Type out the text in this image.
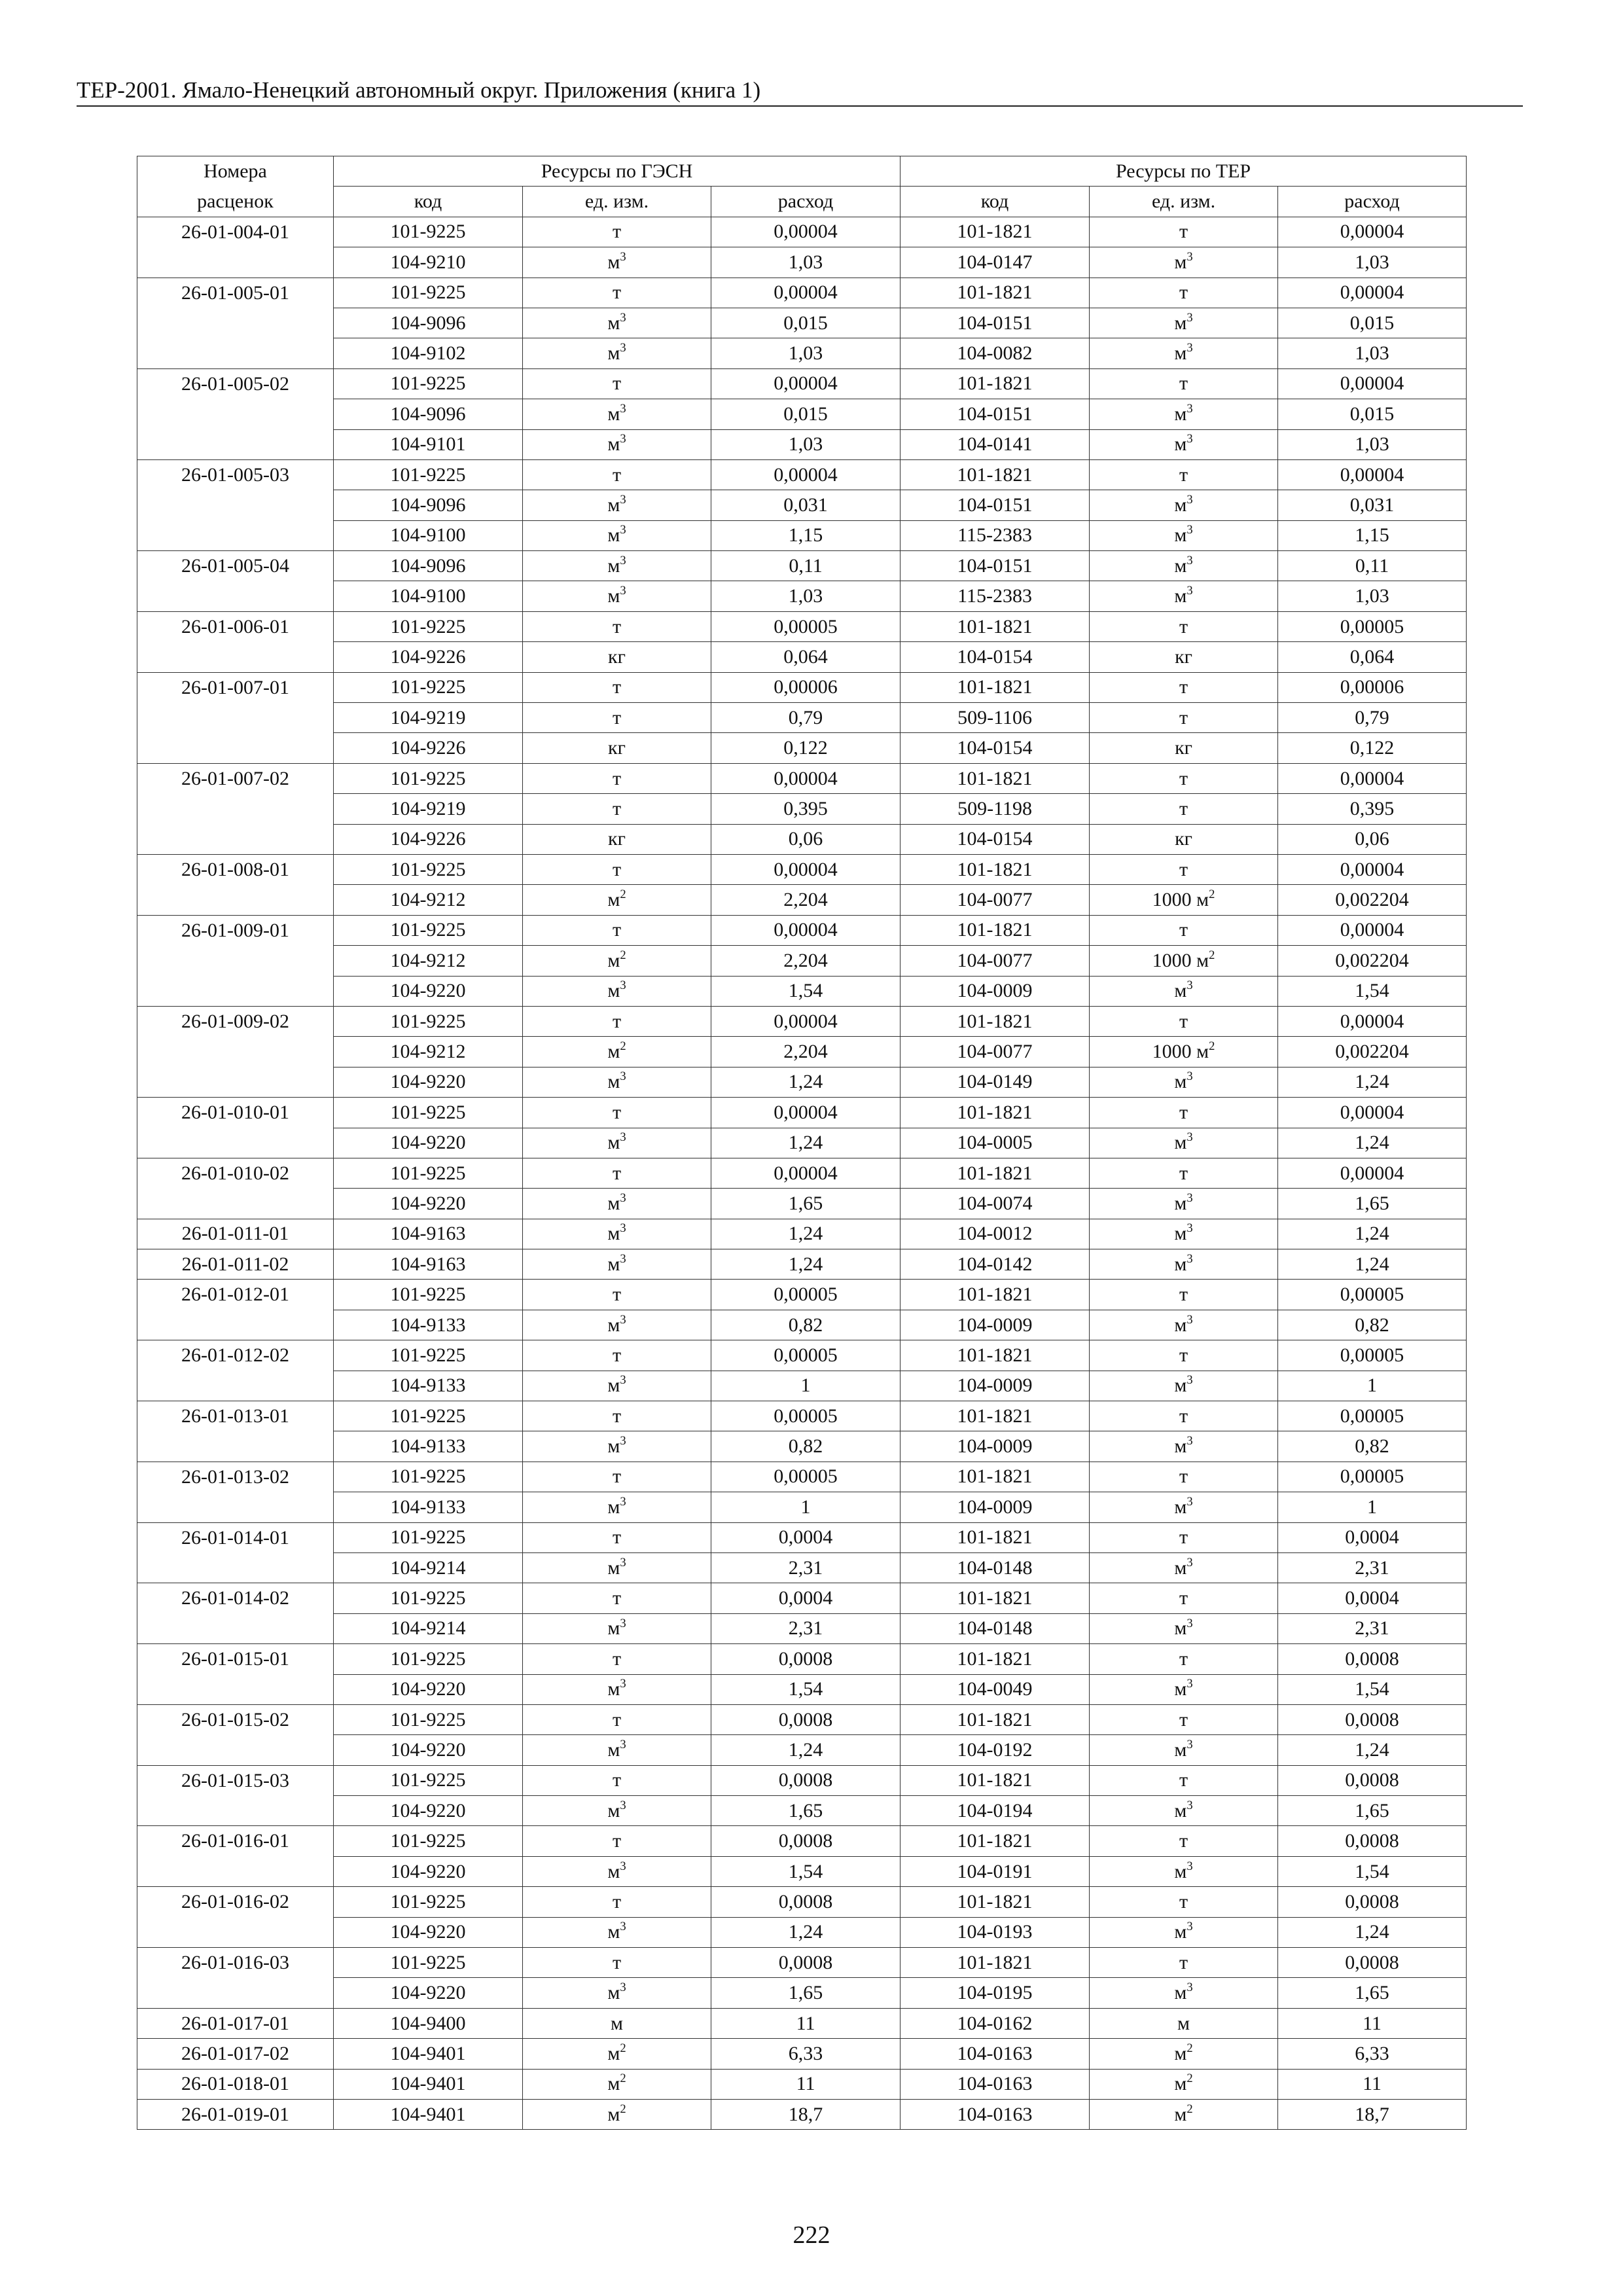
ТЕР-2001. Ямало-Ненецкий автономный округ. Приложения (книга 1)
Номера	Ресурсы по ГЭСН			Ресурсы по ТЕР		
расценок	код	ед. изм.	расход	код	ед. изм.	расход
26-01-004-01	101-9225	т	0,00004	101-1821	т	0,00004
	104-9210	$м^3$	1,03	104-0147	$м^3$	1,03
26-01-005-01	101-9225	т	0,00004	101-1821	т	0,00004
	104-9096	$м^3$	0,015	104-0151	$м^3$	0,015
	104-9102	$м^3$	1,03	104-0082	$м^3$	1,03
26-01-005-02	101-9225	т	0,00004	101-1821	т	0,00004
	104-9096	$м^3$	0,015	104-0151	$м^3$	0,015
	104-9101	$м^3$	1,03	104-0141	$м^3$	1,03
26-01-005-03	101-9225	т	0,00004	101-1821	т	0,00004
	104-9096	$м^3$	0,031	104-0151	$м^3$	0,031
	104-9100	$м^3$	1,15	115-2383	$м^3$	1,15
26-01-005-04	104-9096	$м^3$	0,11	104-0151	$м^3$	0,11
	104-9100	$м^3$	1,03	115-2383	$м^3$	1,03
26-01-006-01	101-9225	т	0,00005	101-1821	т	0,00005
	104-9226	кг	0,064	104-0154	кг	0,064
26-01-007-01	101-9225	т	0,00006	101-1821	т	0,00006
	104-9219	т	0,79	509-1106	т	0,79
	104-9226	кг	0,122	104-0154	кг	0,122
26-01-007-02	101-9225	т	0,00004	101-1821	т	0,00004
	104-9219	т	0,395	509-1198	т	0,395
	104-9226	кг	0,06	104-0154	кг	0,06
26-01-008-01	101-9225	т	0,00004	101-1821	т	0,00004
	104-9212	$м^2$	2,204	104-0077	1000 $м^2$	0,002204
26-01-009-01	101-9225	т	0,00004	101-1821	т	0,00004
	104-9212	$м^2$	2,204	104-0077	1000 $м^2$	0,002204
	104-9220	$м^3$	1,54	104-0009	$м^3$	1,54
26-01-009-02	101-9225	т	0,00004	101-1821	т	0,00004
	104-9212	$м^2$	2,204	104-0077	1000 $м^2$	0,002204
	104-9220	$м^3$	1,24	104-0149	$м^3$	1,24
26-01-010-01	101-9225	т	0,00004	101-1821	т	0,00004
	104-9220	$м^3$	1,24	104-0005	$м^3$	1,24
26-01-010-02	101-9225	т	0,00004	101-1821	т	0,00004
	104-9220	$м^3$	1,65	104-0074	$м^3$	1,65
26-01-011-01	104-9163	$м^3$	1,24	104-0012	$м^3$	1,24
26-01-011-02	104-9163	$м^3$	1,24	104-0142	$м^3$	1,24
26-01-012-01	101-9225	т	0,00005	101-1821	т	0,00005
	104-9133	$м^3$	0,82	104-0009	$м^3$	0,82
26-01-012-02	101-9225	т	0,00005	101-1821	т	0,00005
	104-9133	$м^3$	1	104-0009	$м^3$	1
26-01-013-01	101-9225	т	0,00005	101-1821	т	0,00005
	104-9133	$м^3$	0,82	104-0009	$м^3$	0,82
26-01-013-02	101-9225	т	0,00005	101-1821	т	0,00005
	104-9133	$м^3$	1	104-0009	$м^3$	1
26-01-014-01	101-9225	т	0,0004	101-1821	т	0,0004
	104-9214	$м^3$	2,31	104-0148	$м^3$	2,31
26-01-014-02	101-9225	т	0,0004	101-1821	т	0,0004
	104-9214	$м^3$	2,31	104-0148	$м^3$	2,31
26-01-015-01	101-9225	т	0,0008	101-1821	т	0,0008
	104-9220	$м^3$	1,54	104-0049	$м^3$	1,54
26-01-015-02	101-9225	т	0,0008	101-1821	т	0,0008
	104-9220	$м^3$	1,24	104-0192	$м^3$	1,24
26-01-015-03	101-9225	т	0,0008	101-1821	т	0,0008
	104-9220	$м^3$	1,65	104-0194	$м^3$	1,65
26-01-016-01	101-9225	т	0,0008	101-1821	т	0,0008
	104-9220	$м^3$	1,54	104-0191	$м^3$	1,54
26-01-016-02	101-9225	т	0,0008	101-1821	т	0,0008
	104-9220	$м^3$	1,24	104-0193	$м^3$	1,24
26-01-016-03	101-9225	т	0,0008	101-1821	т	0,0008
	104-9220	$м^3$	1,65	104-0195	$м^3$	1,65
26-01-017-01	104-9400	м	11	104-0162	м	11
26-01-017-02	104-9401	$м^2$	6,33	104-0163	$м^2$	6,33
26-01-018-01	104-9401	$м^2$	11	104-0163	$м^2$	11
26-01-019-01	104-9401	$м^2$	18,7	104-0163	$м^2$	18,7
222
